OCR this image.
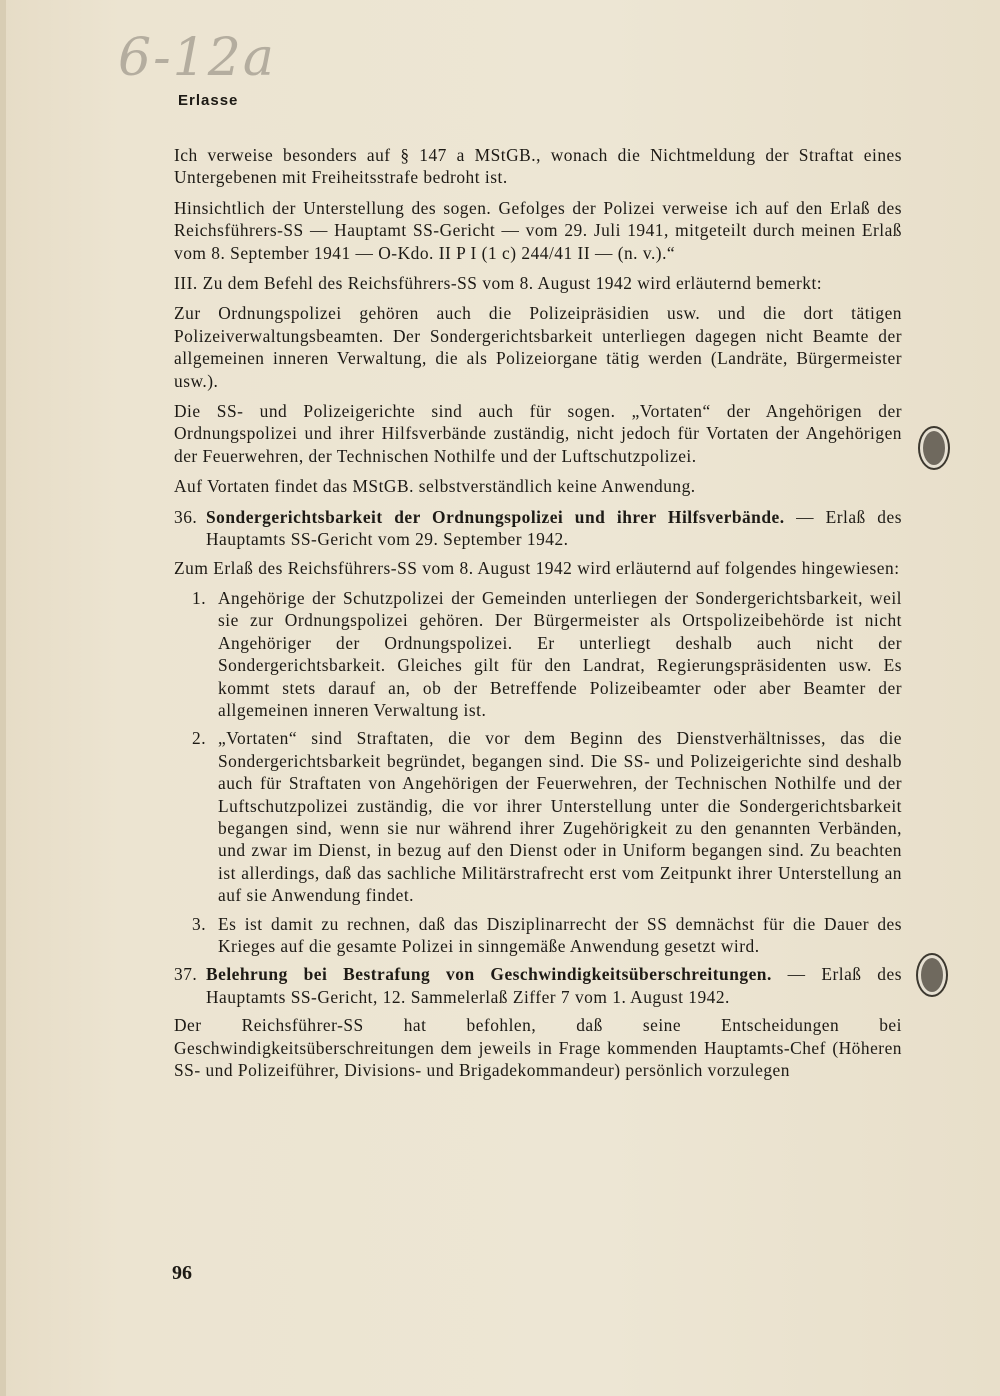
6-12a
Erlasse

Ich verweise besonders auf § 147 a MStGB., wonach die Nichtmeldung der Straftat eines Untergebenen mit Freiheitsstrafe bedroht ist.

Hinsichtlich der Unterstellung des sogen. Gefolges der Polizei verweise ich auf den Erlaß des Reichsführers-SS — Hauptamt SS-Gericht — vom 29. Juli 1941, mitgeteilt durch meinen Erlaß vom 8. September 1941 — O-Kdo. II P I (1 c) 244/41 II — (n. v.).“

III. Zu dem Befehl des Reichsführers-SS vom 8. August 1942 wird erläuternd bemerkt:

Zur Ordnungspolizei gehören auch die Polizeipräsidien usw. und die dort tätigen Polizeiverwaltungsbeamten. Der Sondergerichtsbarkeit unterliegen dagegen nicht Beamte der allgemeinen inneren Verwaltung, die als Polizeiorgane tätig werden (Landräte, Bürgermeister usw.).

Die SS- und Polizeigerichte sind auch für sogen. „Vortaten“ der Angehörigen der Ordnungspolizei und ihrer Hilfsverbände zuständig, nicht jedoch für Vortaten der Angehörigen der Feuerwehren, der Technischen Nothilfe und der Luftschutzpolizei.

Auf Vortaten findet das MStGB. selbstverständlich keine Anwendung.

36. Sondergerichtsbarkeit der Ordnungspolizei und ihrer Hilfsverbände. — Erlaß des Hauptamts SS-Gericht vom 29. September 1942.

Zum Erlaß des Reichsführers-SS vom 8. August 1942 wird erläuternd auf folgendes hingewiesen:

1. Angehörige der Schutzpolizei der Gemeinden unterliegen der Sondergerichtsbarkeit, weil sie zur Ordnungspolizei gehören. Der Bürgermeister als Ortspolizeibehörde ist nicht Angehöriger der Ordnungspolizei. Er unterliegt deshalb auch nicht der Sondergerichtsbarkeit. Gleiches gilt für den Landrat, Regierungspräsidenten usw. Es kommt stets darauf an, ob der Betreffende Polizeibeamter oder aber Beamter der allgemeinen inneren Verwaltung ist.
2. „Vortaten“ sind Straftaten, die vor dem Beginn des Dienstverhältnisses, das die Sondergerichtsbarkeit begründet, begangen sind. Die SS- und Polizeigerichte sind deshalb auch für Straftaten von Angehörigen der Feuerwehren, der Technischen Nothilfe und der Luftschutzpolizei zuständig, die vor ihrer Unterstellung unter die Sondergerichtsbarkeit begangen sind, wenn sie nur während ihrer Zugehörigkeit zu den genannten Verbänden, und zwar im Dienst, in bezug auf den Dienst oder in Uniform begangen sind. Zu beachten ist allerdings, daß das sachliche Militärstrafrecht erst vom Zeitpunkt ihrer Unterstellung an auf sie Anwendung findet.
3. Es ist damit zu rechnen, daß das Disziplinarrecht der SS demnächst für die Dauer des Krieges auf die gesamte Polizei in sinngemäße Anwendung gesetzt wird.
37. Belehrung bei Bestrafung von Geschwindigkeitsüberschreitungen. — Erlaß des Hauptamts SS-Gericht, 12. Sammelerlaß Ziffer 7 vom 1. August 1942.

Der Reichsführer-SS hat befohlen, daß seine Entscheidungen bei Geschwindigkeitsüberschreitungen dem jeweils in Frage kommenden Hauptamts-Chef (Höheren SS- und Polizeiführer, Divisions- und Brigadekommandeur) persönlich vorzulegen

96
